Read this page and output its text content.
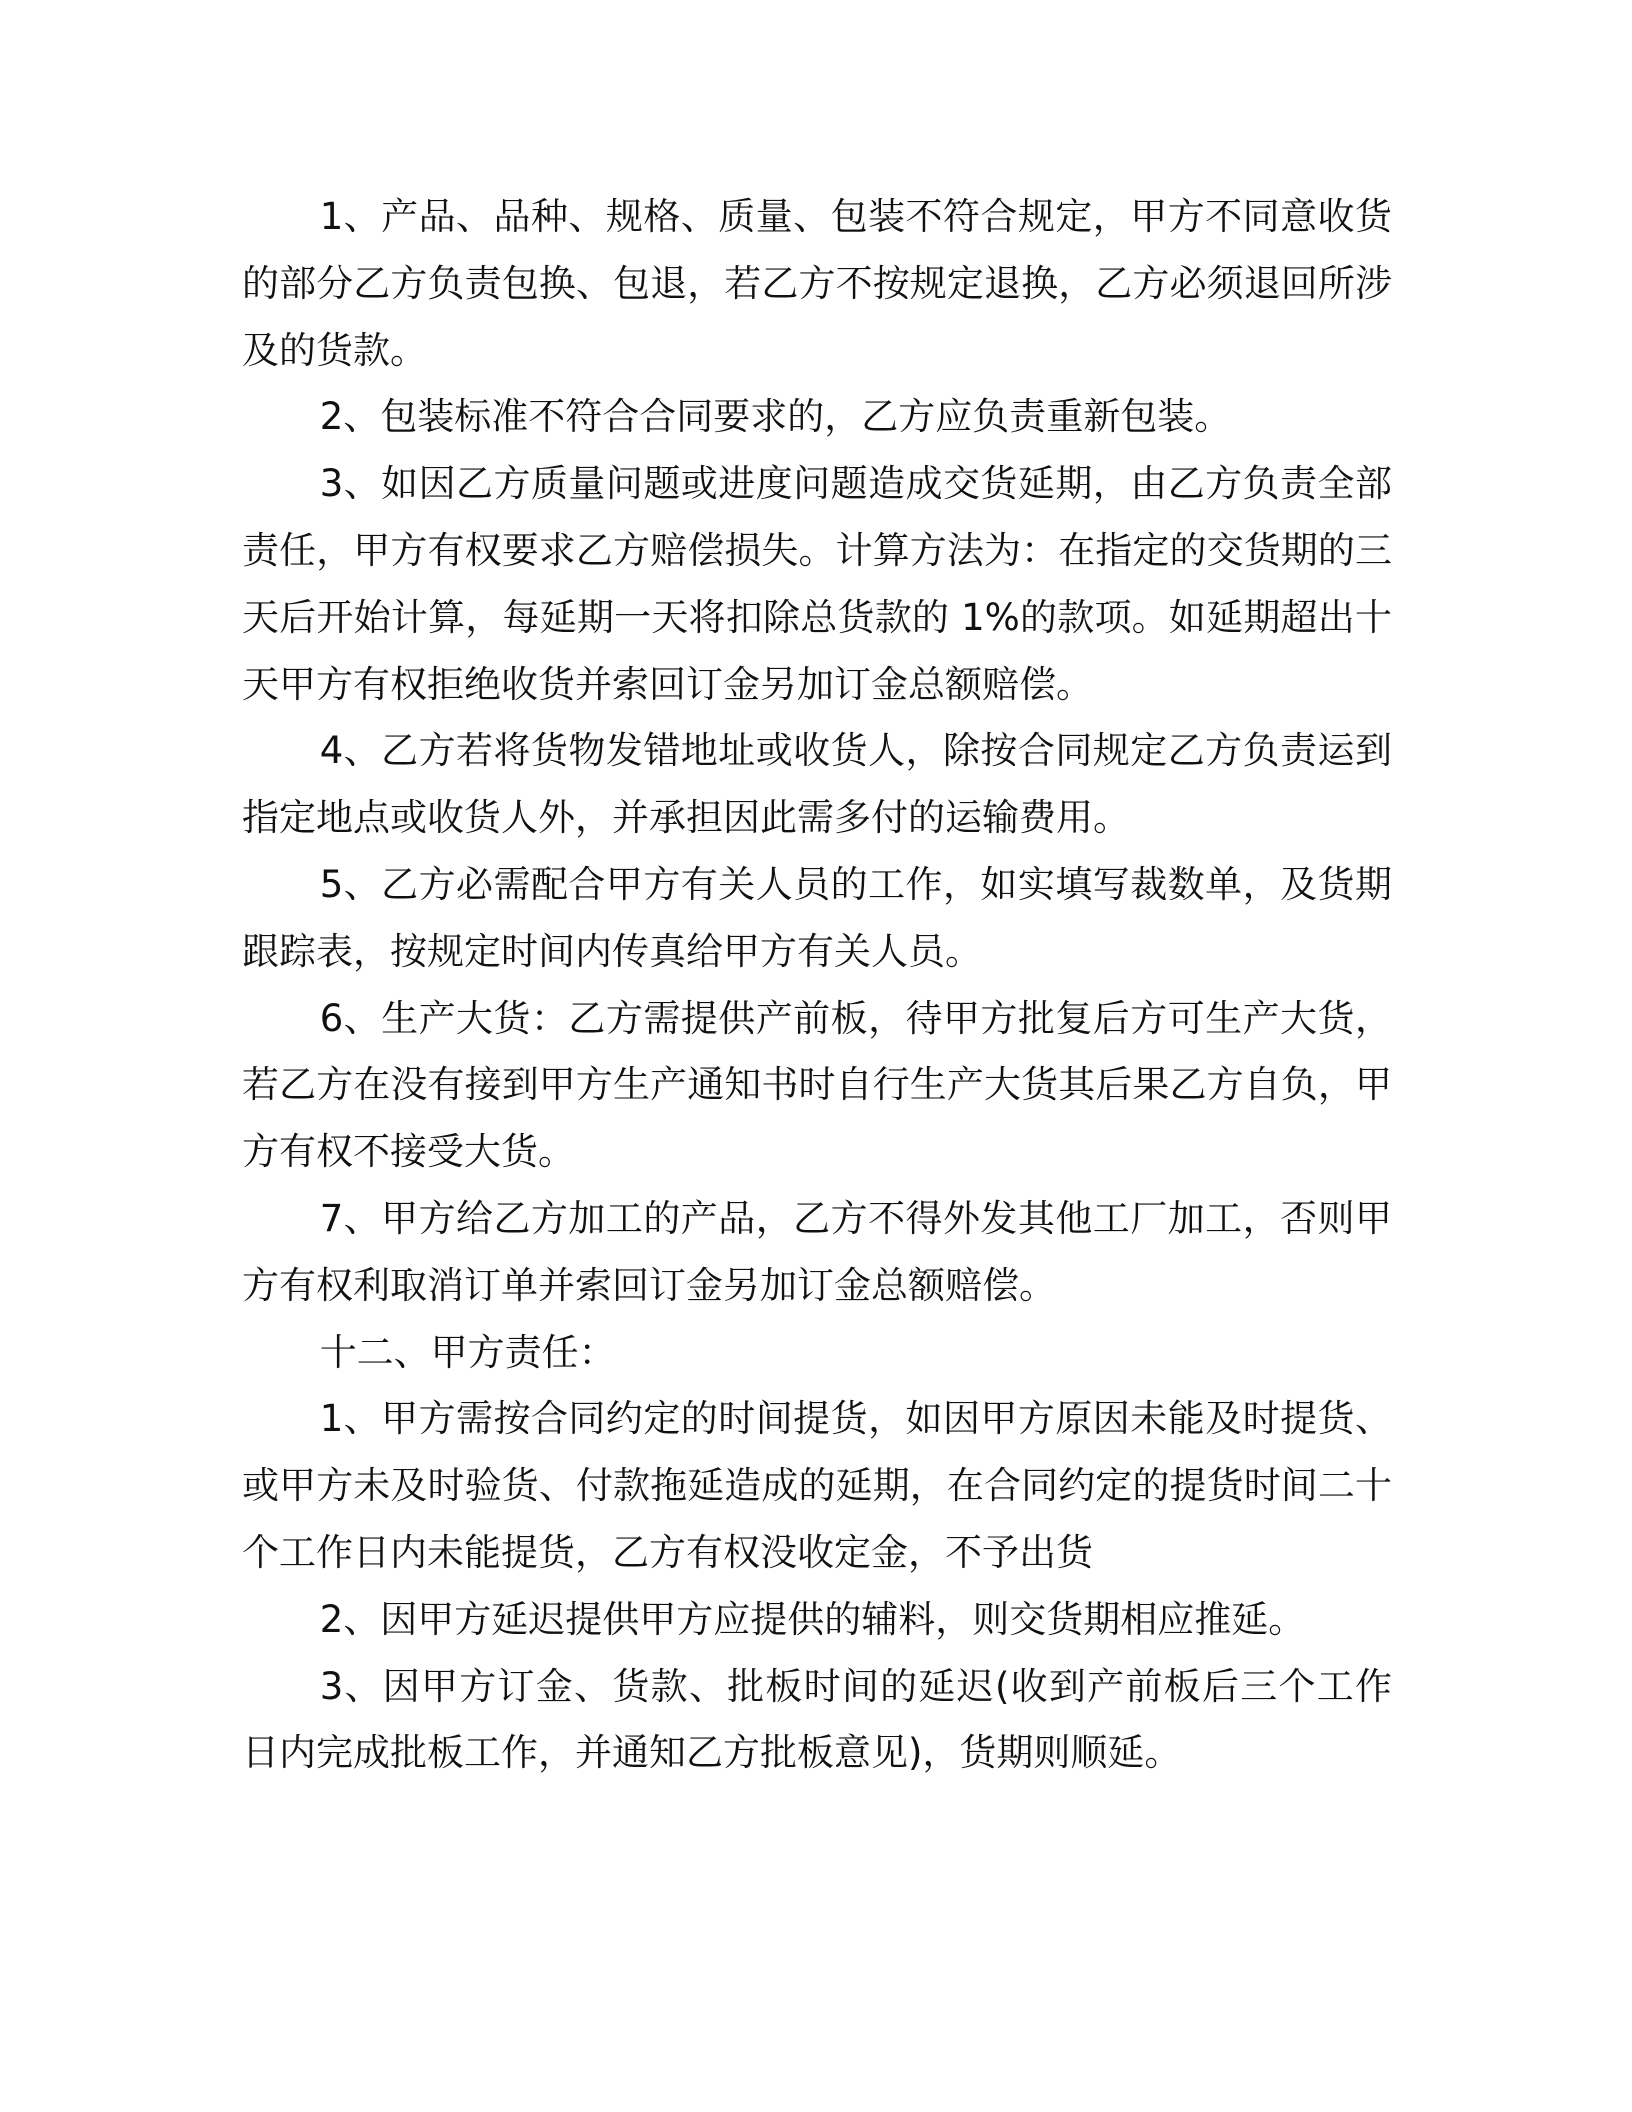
1、产品、品种、规格、质量、包装不符合规定，甲方不同意收货的部分乙方负责包换、包退，若乙方不按规定退换，乙方必须退回所涉及的货款。

2、包装标准不符合合同要求的，乙方应负责重新包装。

3、如因乙方质量问题或进度问题造成交货延期，由乙方负责全部责任，甲方有权要求乙方赔偿损失。计算方法为：在指定的交货期的三天后开始计算，每延期一天将扣除总货款的 1%的款项。如延期超出十天甲方有权拒绝收货并索回订金另加订金总额赔偿。

4、乙方若将货物发错地址或收货人，除按合同规定乙方负责运到指定地点或收货人外，并承担因此需多付的运输费用。

5、乙方必需配合甲方有关人员的工作，如实填写裁数单，及货期跟踪表，按规定时间内传真给甲方有关人员。

6、生产大货：乙方需提供产前板，待甲方批复后方可生产大货，若乙方在没有接到甲方生产通知书时自行生产大货其后果乙方自负，甲方有权不接受大货。

7、甲方给乙方加工的产品，乙方不得外发其他工厂加工，否则甲方有权利取消订单并索回订金另加订金总额赔偿。

十二、甲方责任：

1、甲方需按合同约定的时间提货，如因甲方原因未能及时提货、或甲方未及时验货、付款拖延造成的延期，在合同约定的提货时间二十个工作日内未能提货，乙方有权没收定金，不予出货

2、因甲方延迟提供甲方应提供的辅料，则交货期相应推延。

3、因甲方订金、货款、批板时间的延迟(收到产前板后三个工作日内完成批板工作，并通知乙方批板意见)，货期则顺延。
